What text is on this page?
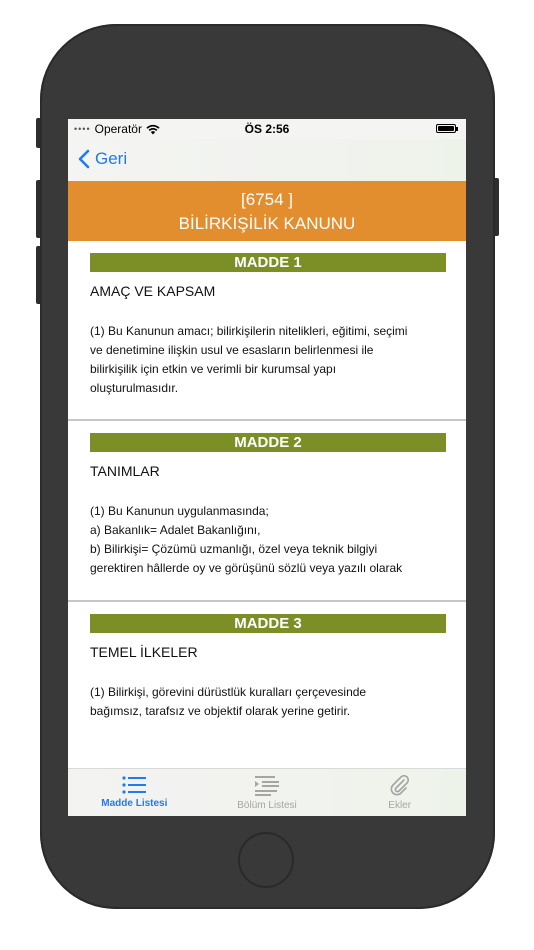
•••• Operatör	ÖS 2:56
Geri
[6754 ]
BİLİRKİŞİLİK KANUNU
MADDE 1
AMAÇ VE KAPSAM
(1) Bu Kanunun amacı; bilirkişilerin nitelikleri, eğitimi, seçimi
ve denetimine ilişkin usul ve esasların belirlenmesi ile
bilirkişilik için etkin ve verimli bir kurumsal yapı
oluşturulmasıdır.
MADDE 2
TANIMLAR
(1) Bu Kanunun uygulanmasında;
a) Bakanlık= Adalet Bakanlığını,
b) Bilirkişi= Çözümü uzmanlığı, özel veya teknik bilgiyi
gerektiren hâllerde oy ve görüşünü sözlü veya yazılı olarak
MADDE 3
TEMEL İLKELER
(1) Bilirkişi, görevini dürüstlük kuralları çerçevesinde
bağımsız, tarafsız ve objektif olarak yerine getirir.
Madde Listesi	Bölüm Listesi	Ekler
